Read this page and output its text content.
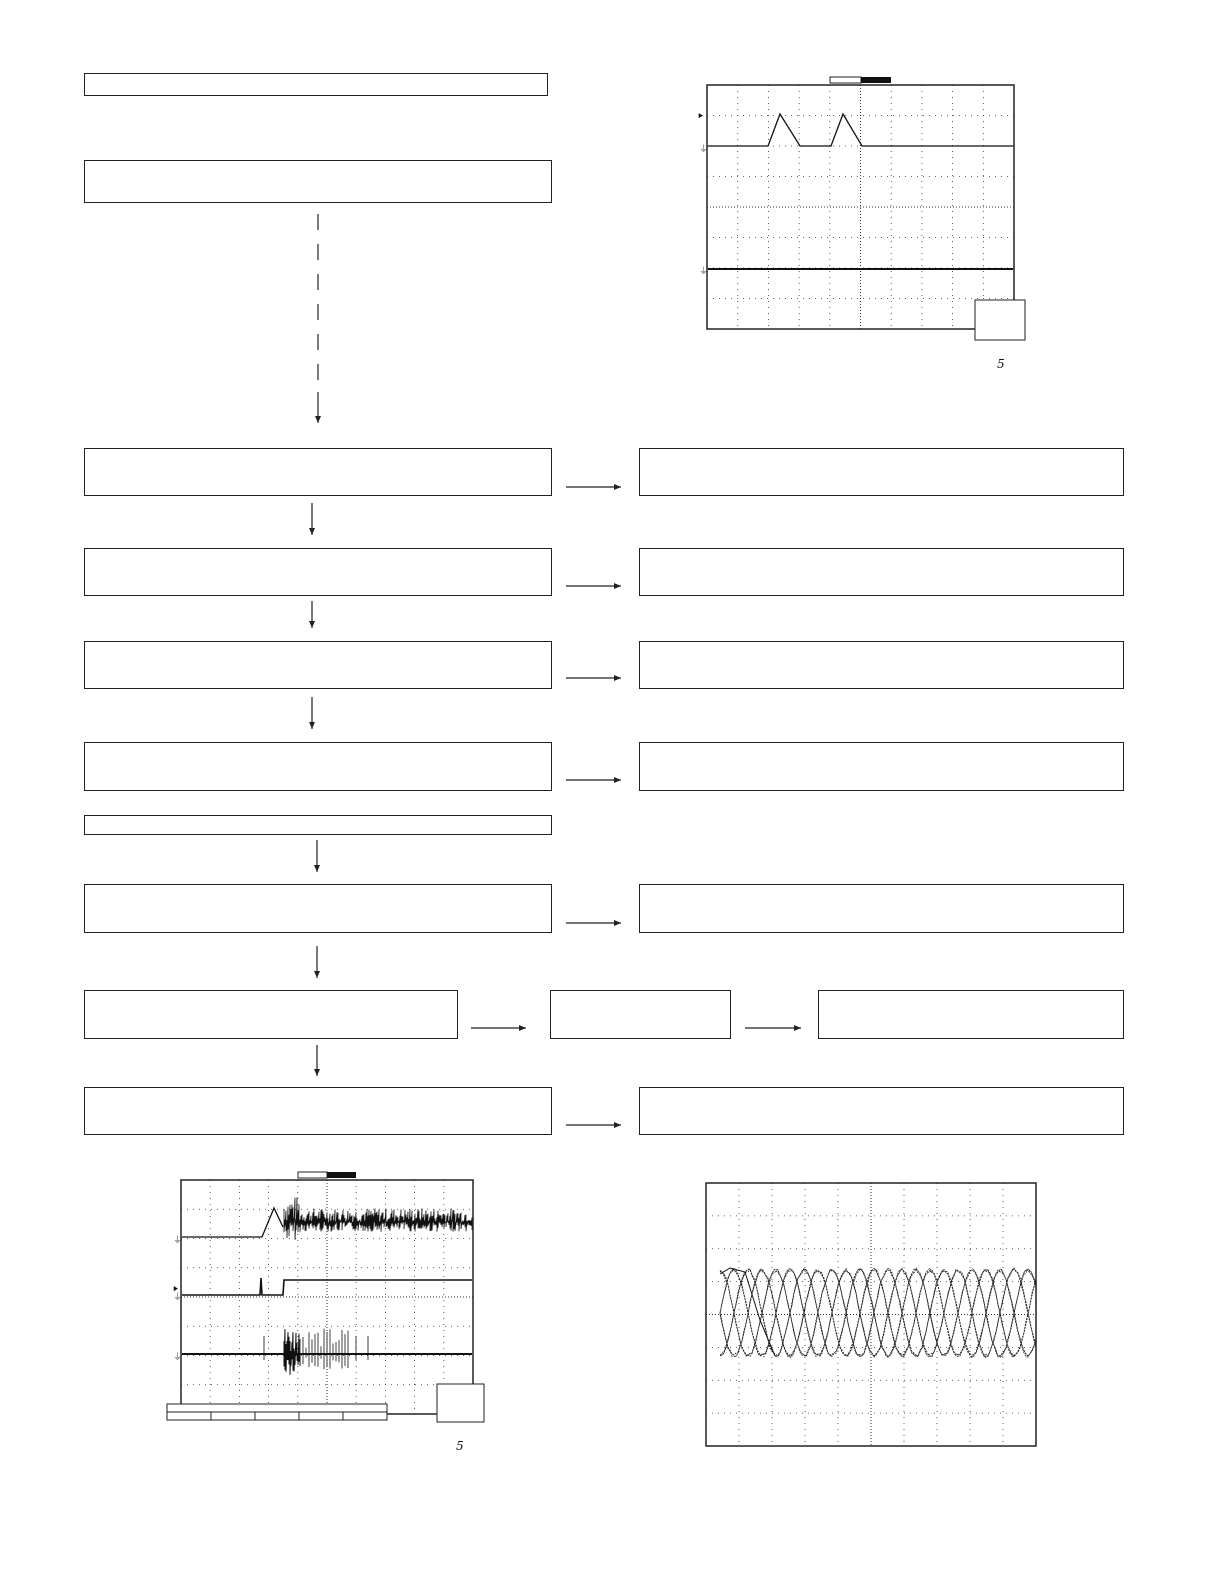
⯈
⏚
⏚
5
⏚
⯈
⏚
⏚
5
